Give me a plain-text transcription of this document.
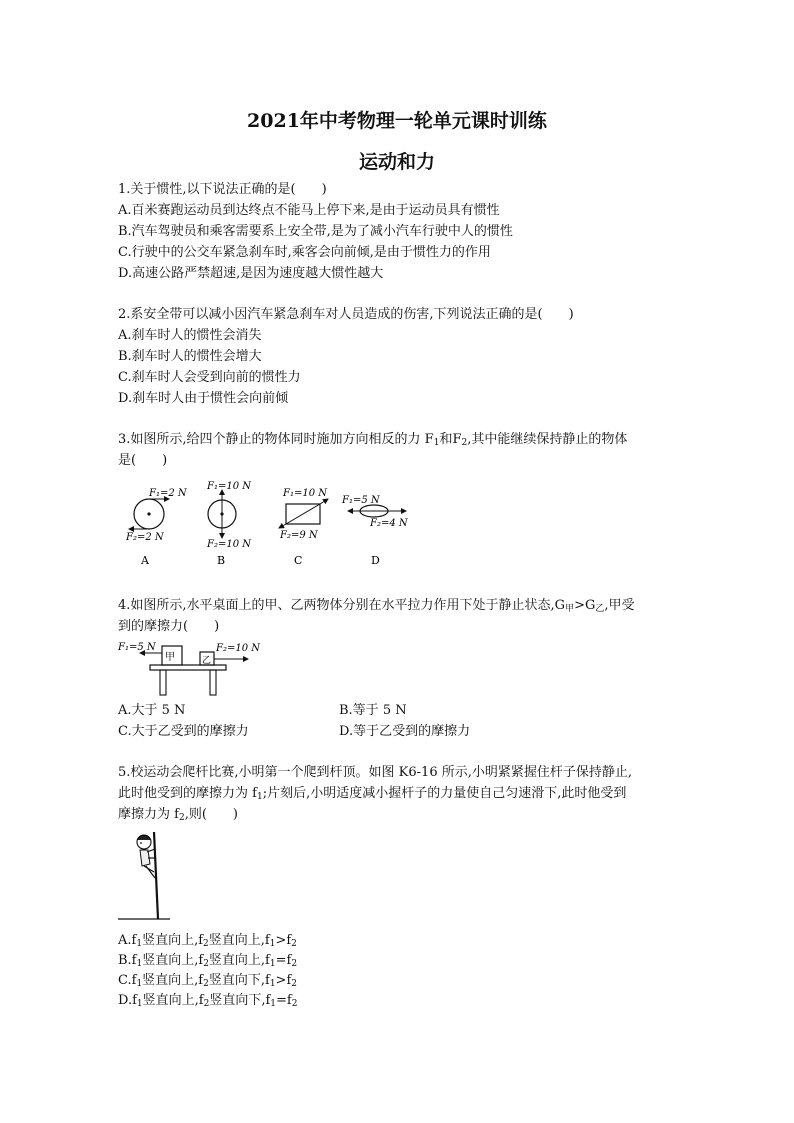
2021年中考物理一轮单元课时训练
运动和力
1.关于惯性,以下说法正确的是(　　)
A.百米赛跑运动员到达终点不能马上停下来,是由于运动员具有惯性
B.汽车驾驶员和乘客需要系上安全带,是为了减小汽车行驶中人的惯性
C.行驶中的公交车紧急刹车时,乘客会向前倾,是由于惯性力的作用
D.高速公路严禁超速,是因为速度越大惯性越大
2.系安全带可以减小因汽车紧急刹车对人员造成的伤害,下列说法正确的是(　　)
A.刹车时人的惯性会消失
B.刹车时人的惯性会增大
C.刹车时人会受到向前的惯性力
D.刹车时人由于惯性会向前倾
3.如图所示,给四个静止的物体同时施加方向相反的力 $F_1$和$F_2$,其中能继续保持静止的物体
是(　　)
F₁=2 N
F₂=2 N
A
F₁=10 N
F₂=10 N
B
F₁=10 N
F₂=9 N
C
F₁=5 N
F₂=4 N
D
4.如图所示,水平桌面上的甲、乙两物体分别在水平拉力作用下处于静止状态$,G_甲>G_乙$,甲受
到的摩擦力(　　)
甲	乙
F₁=5 N	F₂=10 N
A.大于 5 N	B.等于 5 N
C.大于乙受到的摩擦力	D.等于乙受到的摩擦力
5.校运动会爬杆比赛,小明第一个爬到杆顶。如图 K6-16 所示,小明紧紧握住杆子保持静止,
此时他受到的摩擦力为 $f_1$;片刻后,小明适度减小握杆子的力量使自己匀速滑下,此时他受到
摩擦力为 $f_2$,则(　　)
$A.f_1$竖直向上$,f_2$竖直向上$,f_1>f_2$
$B.f_1$竖直向上$,f_2$竖直向上$,f_1=f_2$
$C.f_1$竖直向上$,f_2$竖直向下$,f_1>f_2$
$D.f_1$竖直向上$,f_2$竖直向下$,f_1=f_2$
